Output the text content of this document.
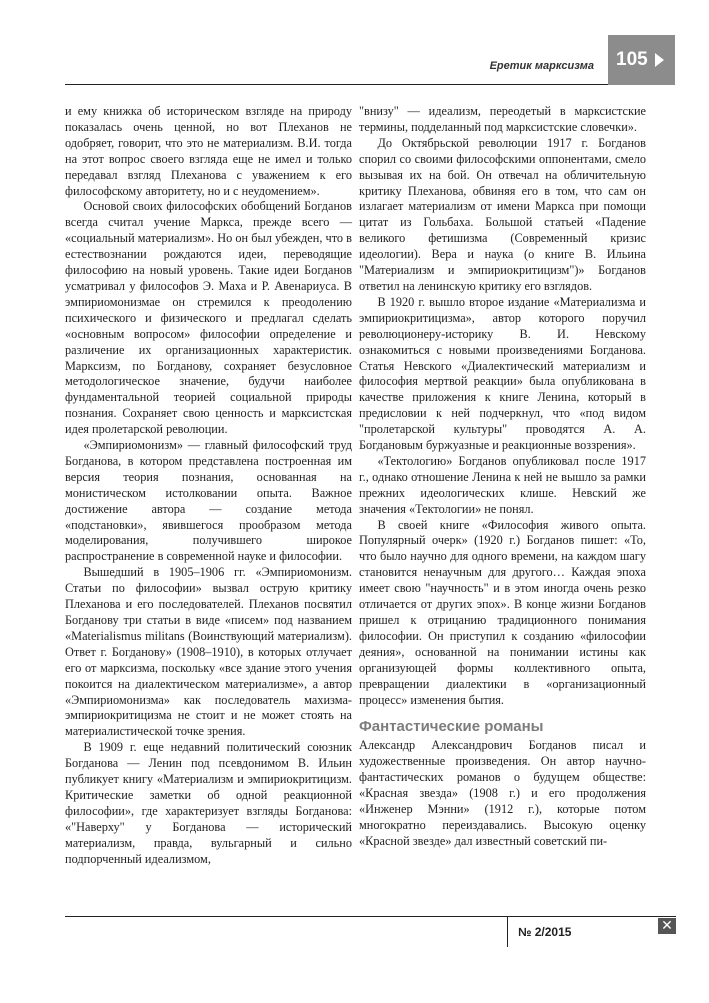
Еретик марксизма 105

и ему книжка об историческом взгляде на природу показалась очень ценной, но вот Плеханов не одобряет, говорит, что это не материализм. В.И. тогда на этот вопрос своего взгляда еще не имел и только передавал взгляд Плеханова с уважением к его философскому авторитету, но и с неудомением».

Основой своих философских обобщений Богданов всегда считал учение Маркса, прежде всего — «социальный материализм». Но он был убежден, что в естествознании рождаются идеи, переводящие философию на новый уровень. Такие идеи Богданов усматривал у философов Э. Маха и Р. Авенариуса. В эмпириомонизмае он стремился к преодолению психического и физического и предлагал сделать «основным вопросом» философии определение и различение их организационных характеристик. Марксизм, по Богданову, сохраняет безусловное методологическое значение, будучи наиболее фундаментальной теорией социальной природы познания. Сохраняет свою ценность и марксистская идея пролетарской революции.

«Эмпириомонизм» — главный философский труд Богданова, в котором представлена построенная им версия теория познания, основанная на монистическом истолковании опыта. Важное достижение автора — создание метода «подстановки», явившегося прообразом метода моделирования, получившего широкое распространение в современной науке и философии.

Вышедший в 1905–1906 гг. «Эмпириомонизм. Статьи по философии» вызвал острую критику Плеханова и его последователей. Плеханов посвятил Богданову три статьи в виде «писем» под названием «Materialismus militans (Воинствующий материализм). Ответ г. Богданову» (1908–1910), в которых отлучает его от марксизма, поскольку «все здание этого учения покоится на диалектическом материализме», а автор «Эмпириомонизма» как последователь махизма-эмпириокритицизма не стоит и не может стоять на материалистической точке зрения.

В 1909 г. еще недавний политический союзник Богданова — Ленин под псевдонимом В. Ильин публикует книгу «Материализм и эмпириокритицизм. Критические заметки об одной реакционной философии», где характеризует взгляды Богданова: «"Наверху" у Богданова — исторический материализм, правда, вульгарный и сильно подпорченный идеализмом,

"внизу" — идеализм, переодетый в марксистские термины, подделанный под марксистские словечки».

До Октябрьской революции 1917 г. Богданов спорил со своими философскими оппонентами, смело вызывая их на бой. Он отвечал на обличительную критику Плеханова, обвиняя его в том, что сам он излагает материализм от имени Маркса при помощи цитат из Гольбаха. Большой статьей «Падение великого фетишизма (Современный кризис идеологии). Вера и наука (о книге В. Ильина "Материализм и эмпириокритицизм")» Богданов ответил на ленинскую критику его взглядов.

В 1920 г. вышло второе издание «Материализма и эмпириокритицизма», автор которого поручил революционеру-историку В. И. Невскому ознакомиться с новыми произведениями Богданова. Статья Невского «Диалектический материализм и философия мертвой реакции» была опубликована в качестве приложения к книге Ленина, который в предисловии к ней подчеркнул, что «под видом "пролетарской культуры" проводятся А. А. Богдановым буржуазные и реакционные воззрения».

«Тектологию» Богданов опубликовал после 1917 г., однако отношение Ленина к ней не вышло за рамки прежних идеологических клише. Невский же значения «Тектологии» не понял.

В своей книге «Философия живого опыта. Популярный очерк» (1920 г.) Богданов пишет: «То, что было научно для одного времени, на каждом шагу становится ненаучным для другого… Каждая эпоха имеет свою "научность" и в этом иногда очень резко отличается от других эпох». В конце жизни Богданов пришел к отрицанию традиционного понимания философии. Он приступил к созданию «философии деяния», основанной на понимании истины как организующей формы коллективного опыта, превращении диалектики в «организационный процесс» изменения бытия.

Фантастические романы

Александр Александрович Богданов писал и художественные произведения. Он автор научно-фантастических романов о будущем обществе: «Красная звезда» (1908 г.) и его продолжения «Инженер Мэнни» (1912 г.), которые потом многократно переиздавались. Высокую оценку «Красной звезде» дал известный советский пи-

✕
№ 2/2015
